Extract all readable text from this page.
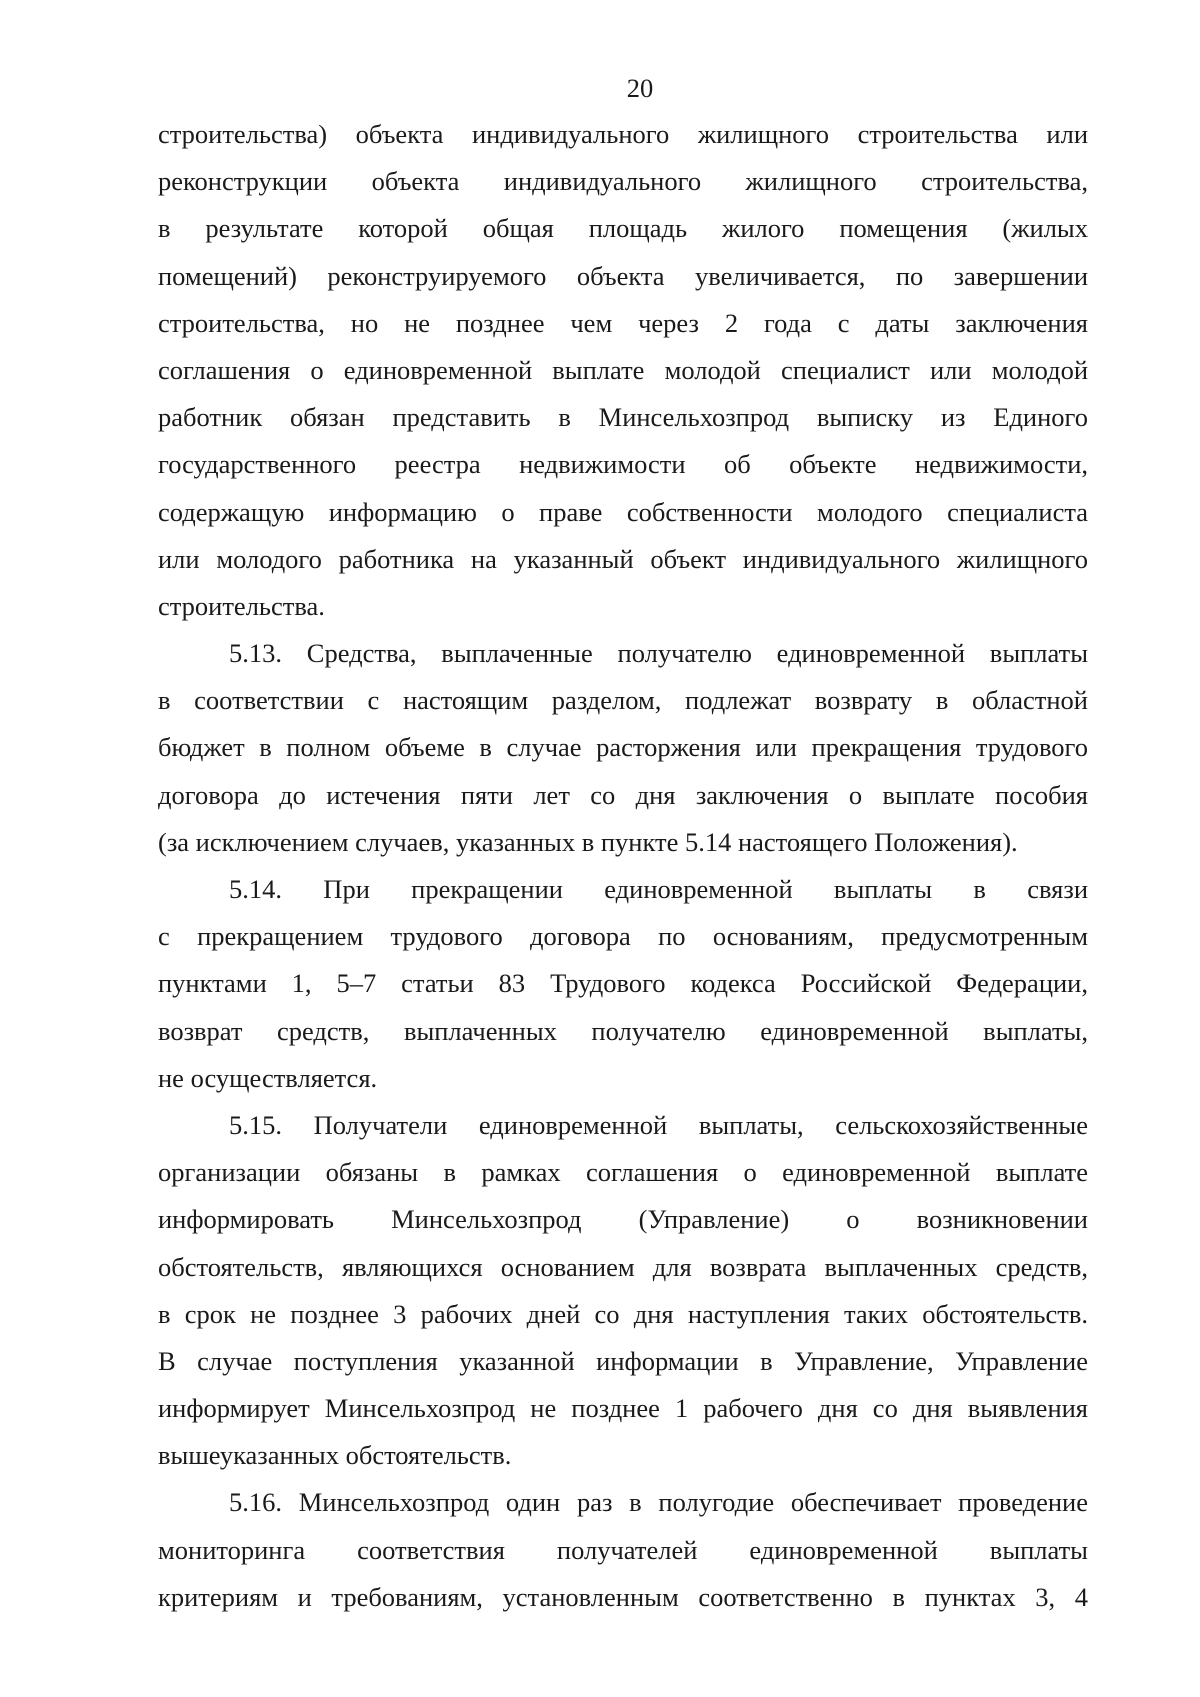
20
строительства) объекта индивидуального жилищного строительства или
реконструкции объекта индивидуального жилищного строительства,
в результате которой общая площадь жилого помещения (жилых
помещений) реконструируемого объекта увеличивается, по завершении
строительства, но не позднее чем через 2 года с даты заключения
соглашения о единовременной выплате молодой специалист или молодой
работник обязан представить в Минсельхозпрод выписку из Единого
государственного реестра недвижимости об объекте недвижимости,
содержащую информацию о праве собственности молодого специалиста
или молодого работника на указанный объект индивидуального жилищного
строительства.
5.13. Средства, выплаченные получателю единовременной выплаты
в соответствии с настоящим разделом, подлежат возврату в областной
бюджет в полном объеме в случае расторжения или прекращения трудового
договора до истечения пяти лет со дня заключения о выплате пособия
(за исключением случаев, указанных в пункте 5.14 настоящего Положения).
5.14. При прекращении единовременной выплаты в связи
с прекращением трудового договора по основаниям, предусмотренным
пунктами 1, 5–7 статьи 83 Трудового кодекса Российской Федерации,
возврат средств, выплаченных получателю единовременной выплаты,
не осуществляется.
5.15. Получатели единовременной выплаты, сельскохозяйственные
организации обязаны в рамках соглашения о единовременной выплате
информировать Минсельхозпрод (Управление) о возникновении
обстоятельств, являющихся основанием для возврата выплаченных средств,
в срок не позднее 3 рабочих дней со дня наступления таких обстоятельств.
В случае поступления указанной информации в Управление, Управление
информирует Минсельхозпрод не позднее 1 рабочего дня со дня выявления
вышеуказанных обстоятельств.
5.16. Минсельхозпрод один раз в полугодие обеспечивает проведение
мониторинга соответствия получателей единовременной выплаты
критериям и требованиям, установленным соответственно в пунктах 3, 4
